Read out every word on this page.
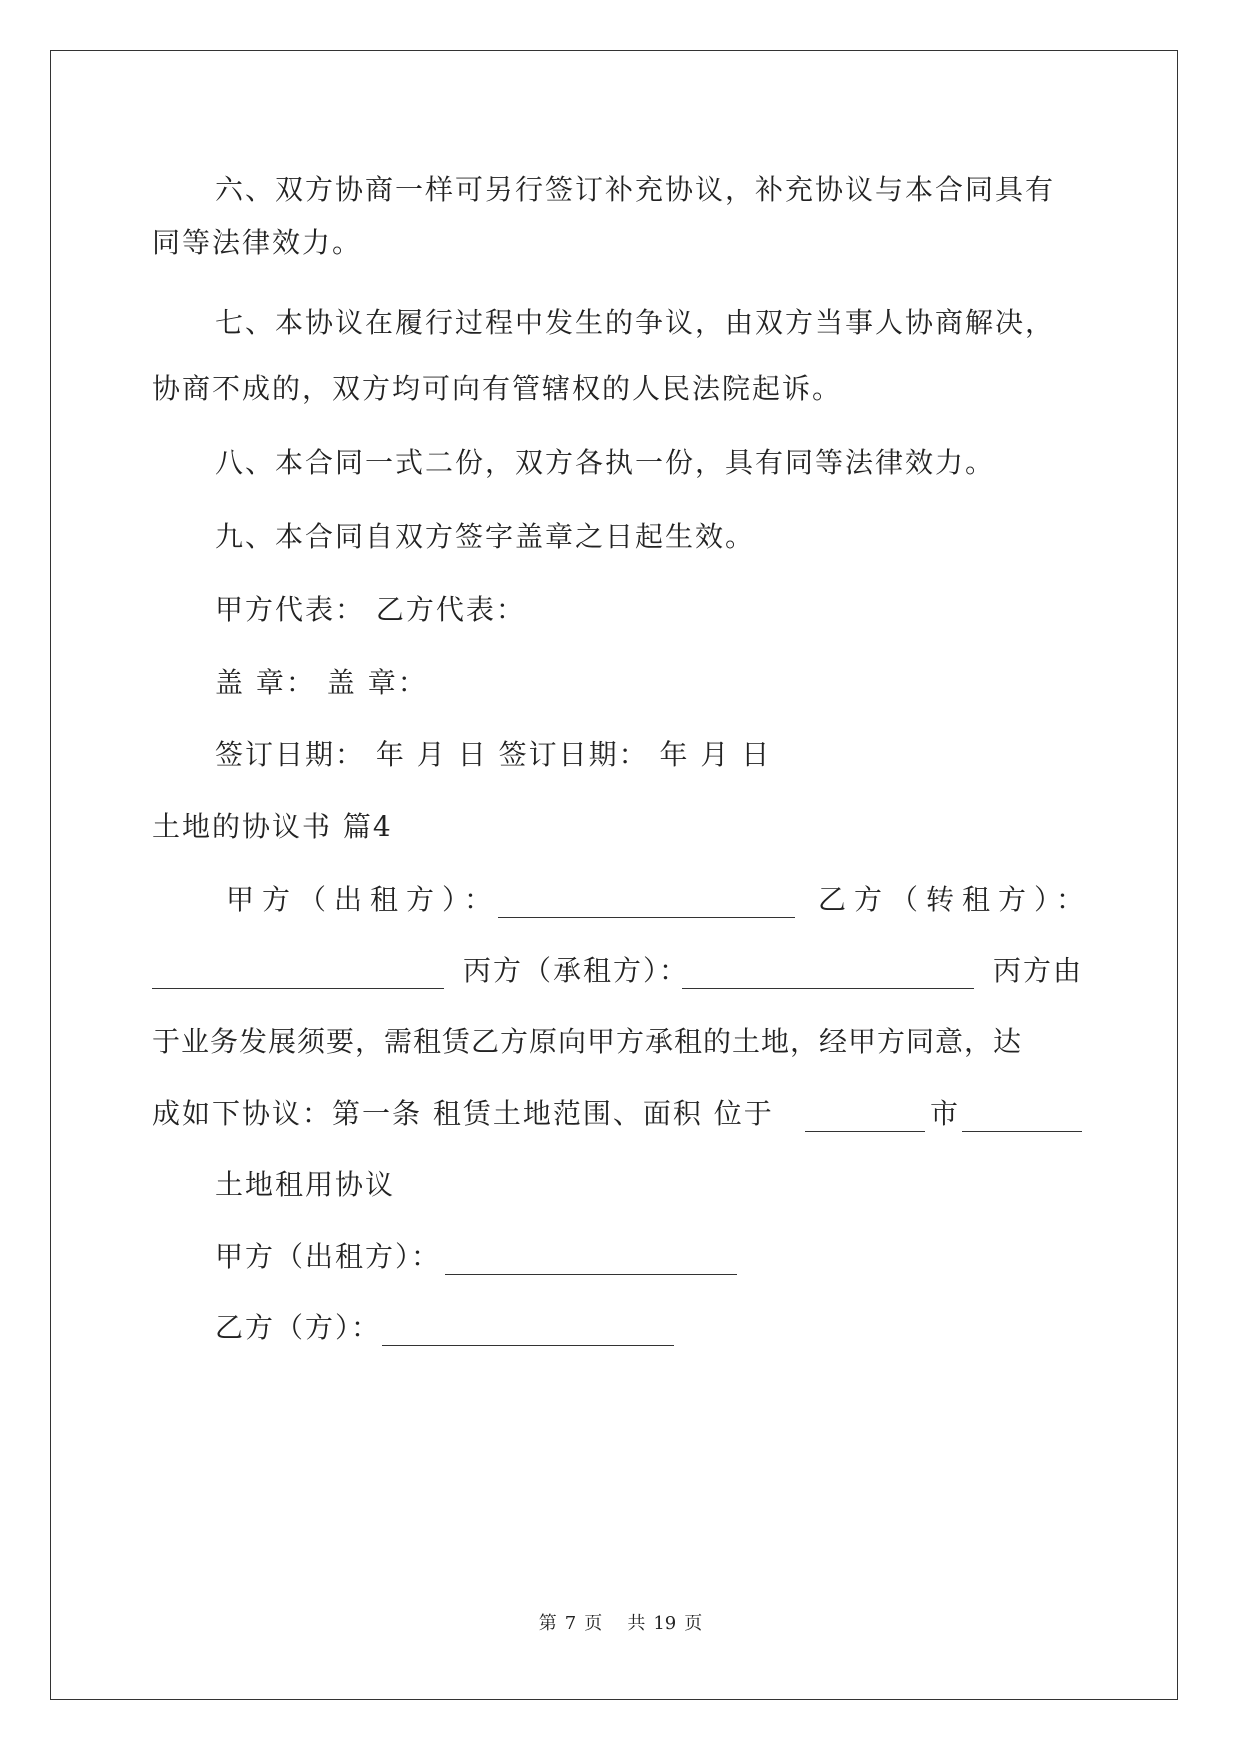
六、双方协商一样可另行签订补充协议，补充协议与本合同具有
同等法律效力。
七、本协议在履行过程中发生的争议，由双方当事人协商解决，
协商不成的，双方均可向有管辖权的人民法院起诉。
八、本合同一式二份，双方各执一份，具有同等法律效力。
九、本合同自双方签字盖章之日起生效。
甲方代表： 乙方代表：
盖 章： 盖 章：
签订日期： 年 月 日 签订日期： 年 月 日
土地的协议书 篇4
甲方（出租方）：	乙方（转租方）：
丙方（承租方）：	丙方由
于业务发展须要，需租赁乙方原向甲方承租的土地，经甲方同意，达
成如下协议：第一条 租赁土地范围、面积 位于	市
土地租用协议
甲方（出租方）：
乙方（方）：
第 7 页 共 19 页
